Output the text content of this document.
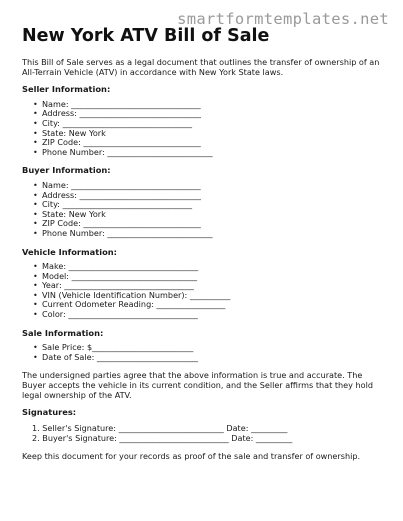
smartformtemplates.net
New York ATV Bill of Sale

This Bill of Sale serves as a legal document that outlines the transfer of ownership of an All-Terrain Vehicle (ATV) in accordance with New York State laws.

Seller Information:
• Name: ________________________________
• Address: ______________________________
• City: ________________________________
• State: New York
• ZIP Code: _____________________________
• Phone Number: __________________________
Buyer Information:
• Name: ________________________________
• Address: ______________________________
• City: ________________________________
• State: New York
• ZIP Code: _____________________________
• Phone Number: __________________________
Vehicle Information:
• Make: ________________________________
• Model: _______________________________
• Year: ________________________________
• VIN (Vehicle Identification Number): __________
• Current Odometer Reading: _________________
• Color: ________________________________
Sale Information:
• Sale Price: $_________________________
• Date of Sale: _________________________

The undersigned parties agree that the above information is true and accurate. The Buyer accepts the vehicle in its current condition, and the Seller affirms that they hold legal ownership of the ATV.

Signatures:
1. Seller's Signature: __________________________ Date: _________
2. Buyer's Signature: ___________________________ Date: _________

Keep this document for your records as proof of the sale and transfer of ownership.
